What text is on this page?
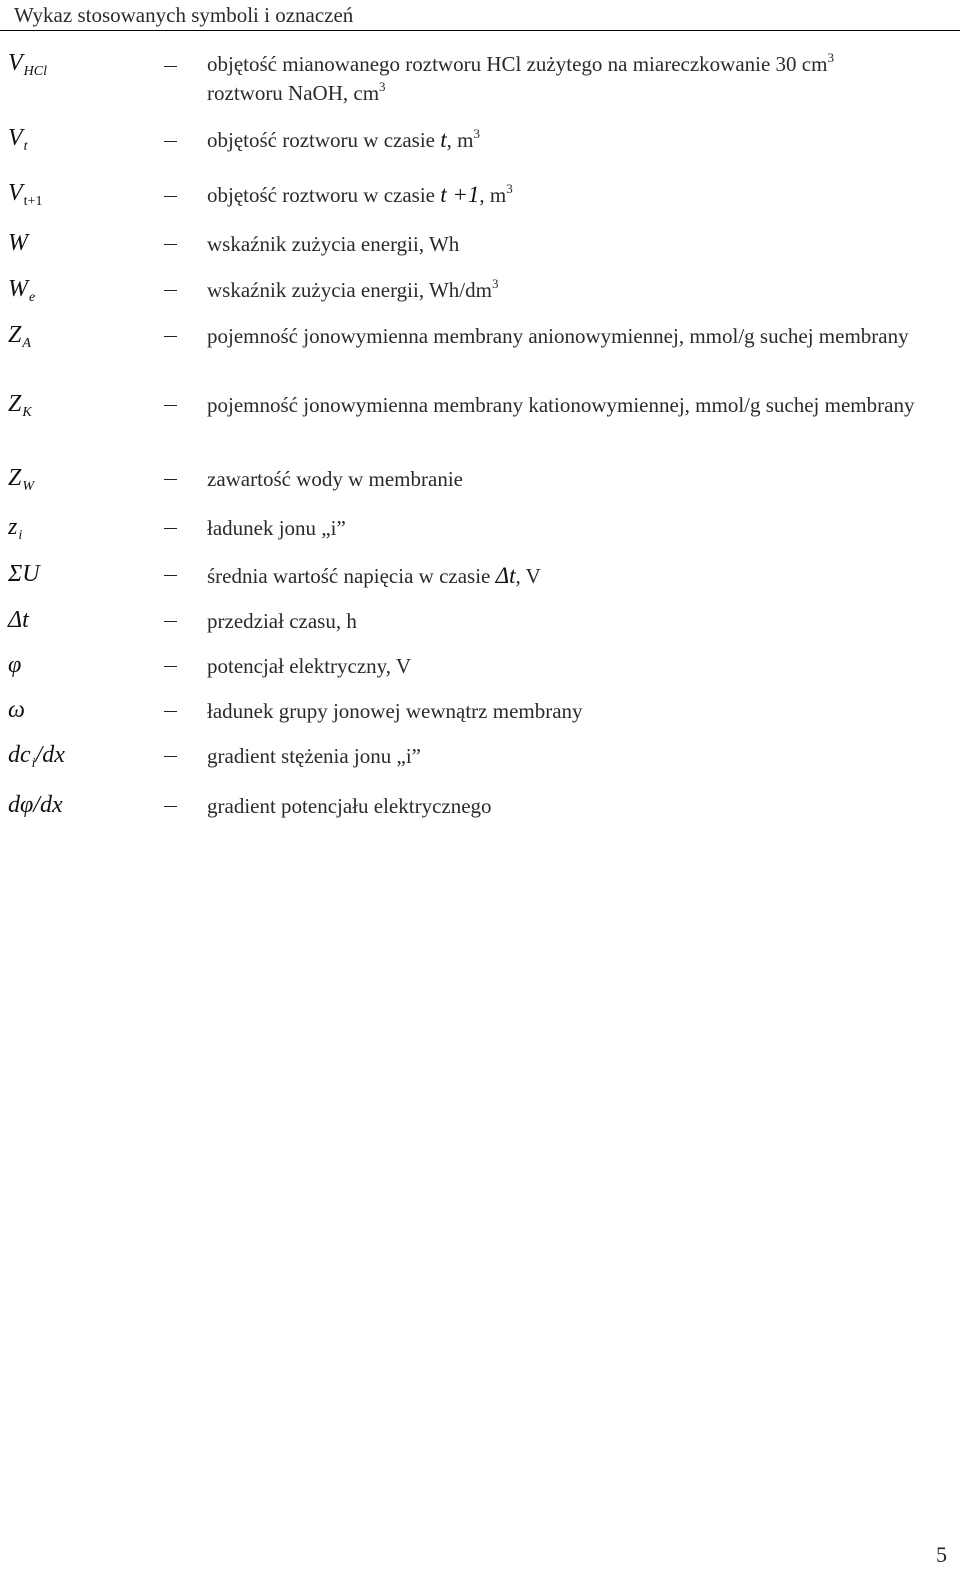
Wykaz stosowanych symboli i oznaczeń
$V_{HCl}$	objętość mianowanego roztworu HCl zużytego na miareczkowanie 30 $cm^3$
roztworu NaOH, $cm^3$
$V_t$	objętość roztworu w czasie t, $m^3$
$V_{t+1}$	objętość roztworu w czasie t +1, $m^3$
W	wskaźnik zużycia energii, Wh
$W_e$	wskaźnik zużycia energii, $Wh/dm^3$
$Z_A$	pojemność jonowymienna membrany anionowymiennej, mmol/g suchej membrany
$Z_K$	pojemność jonowymienna membrany kationowymiennej, mmol/g suchej membrany
$Z_W$	zawartość wody w membranie
$z_i$	ładunek jonu „i”
ΣU	średnia wartość napięcia w czasie Δt, V
Δt	przedział czasu, h
φ	potencjał elektryczny, V
ω	ładunek grupy jonowej wewnątrz membrany
$dc_i/dx$	gradient stężenia jonu „i”
dφ/dx	gradient potencjału elektrycznego
5
